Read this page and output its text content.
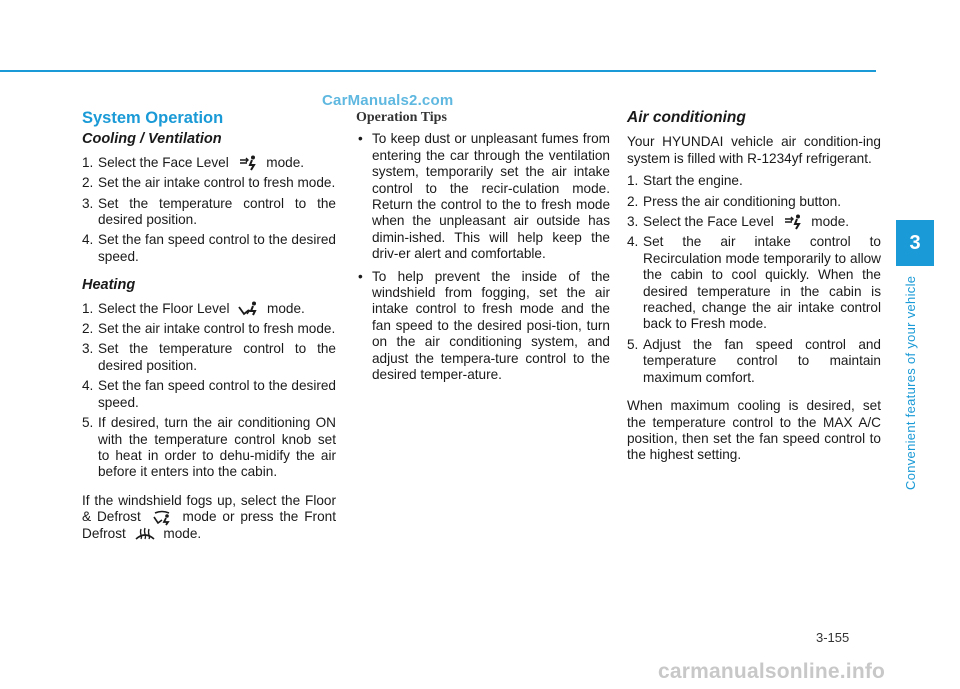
CarManuals2.com
System Operation
Cooling / Ventilation
1. Select the Face Level	mode.
2. Set the air intake control to fresh mode.
3. Set the temperature control to the desired position.
4. Set the fan speed control to the desired speed.
Heating
1. Select the Floor Level	mode.
2. Set the air intake control to fresh mode.
3. Set the temperature control to the desired position.
4. Set the fan speed control to the desired speed.
5. If desired, turn the air conditioning ON with the temperature control knob set to heat in order to dehu-midify the air before it enters into the cabin.

If the windshield fogs up, select the Floor & Defrost	mode or press the Front Defrost	mode.

Operation Tips
• To keep dust or unpleasant fumes from entering the car through the ventilation system, temporarily set the air intake control to the recir-culation mode. Return the control to the to fresh mode when the unpleasant air outside has dimin-ished. This will help keep the driv-er alert and comfortable.
• To help prevent the inside of the windshield from fogging, set the air intake control to fresh mode and the fan speed to the desired posi-tion, turn on the air conditioning system, and adjust the tempera-ture control to the desired temper-ature.
Air conditioning

Your HYUNDAI vehicle air condition-ing system is filled with R-1234yf refrigerant.

1. Start the engine.
2. Press the air conditioning button.
3. Select the Face Level	mode.
4. Set the air intake control to Recirculation mode temporarily to allow the cabin to cool quickly. When the desired temperature in the cabin is reached, change the air intake control back to Fresh mode.
5. Adjust the fan speed control and temperature control to maintain maximum comfort.

When maximum cooling is desired, set the temperature control to the MAX A/C position, then set the fan speed control to the highest setting.

3
Convenient features of your vehicle
3-155
carmanualsonline.info
